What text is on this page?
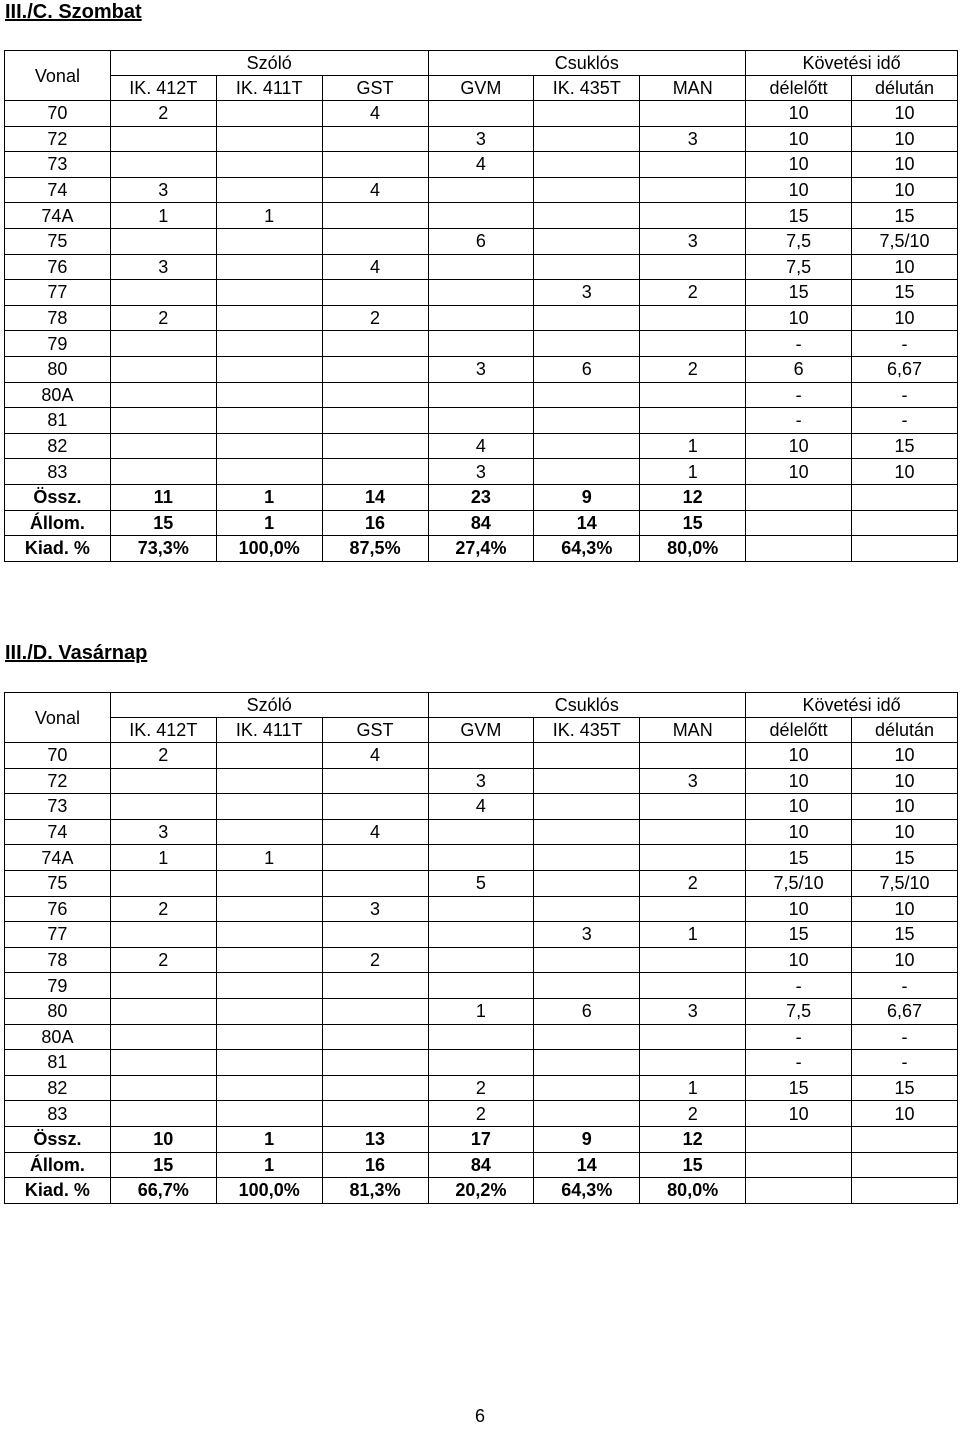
III./C. Szombat
Vonal	Szóló			Csuklós			Követési idő	
	IK. 412T	IK. 411T	GST	GVM	IK. 435T	MAN	délelőtt	délután
70	2		4				10	10
72				3		3	10	10
73				4			10	10
74	3		4				10	10
74A	1	1					15	15
75				6		3	7,5	7,5/10
76	3		4				7,5	10
77					3	2	15	15
78	2		2				10	10
79							-	-
80				3	6	2	6	6,67
80A							-	-
81							-	-
82				4		1	10	15
83				3		1	10	10
Össz.	11	1	14	23	9	12		
Állom.	15	1	16	84	14	15		
Kiad. %	73,3%	100,0%	87,5%	27,4%	64,3%	80,0%		
III./D. Vasárnap
Vonal	Szóló			Csuklós			Követési idő	
	IK. 412T	IK. 411T	GST	GVM	IK. 435T	MAN	délelőtt	délután
70	2		4				10	10
72				3		3	10	10
73				4			10	10
74	3		4				10	10
74A	1	1					15	15
75				5		2	7,5/10	7,5/10
76	2		3				10	10
77					3	1	15	15
78	2		2				10	10
79							-	-
80				1	6	3	7,5	6,67
80A							-	-
81							-	-
82				2		1	15	15
83				2		2	10	10
Össz.	10	1	13	17	9	12		
Állom.	15	1	16	84	14	15		
Kiad. %	66,7%	100,0%	81,3%	20,2%	64,3%	80,0%		
6
